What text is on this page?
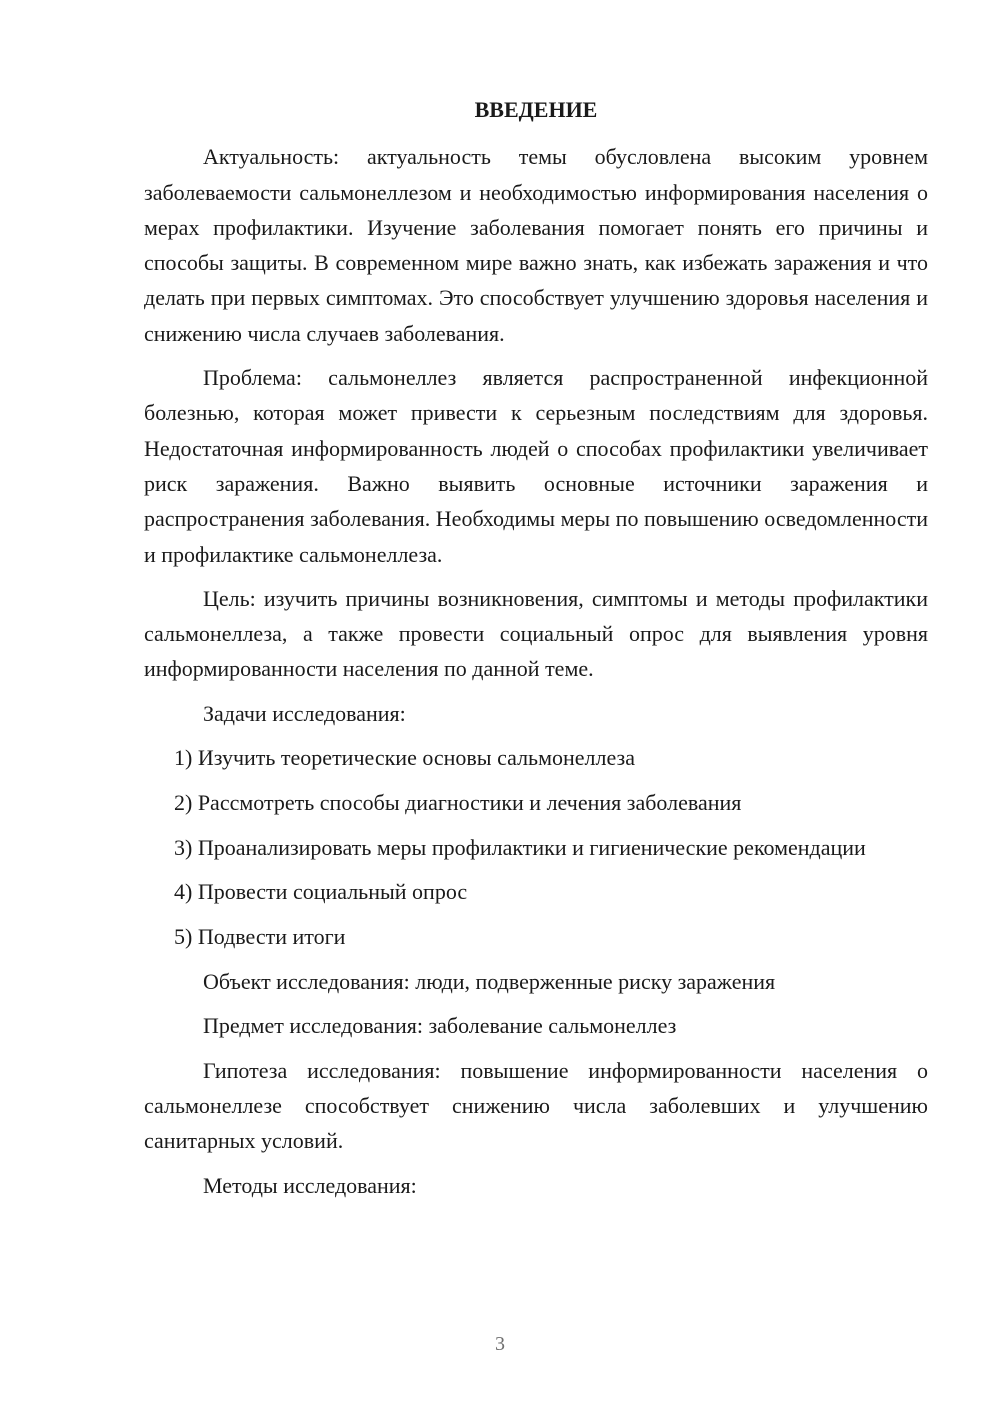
ВВЕДЕНИЕ

Актуальность: актуальность темы обусловлена высоким уровнем заболеваемости сальмонеллезом и необходимостью информирования населения о мерах профилактики. Изучение заболевания помогает понять его причины и способы защиты. В современном мире важно знать, как избежать заражения и что делать при первых симптомах. Это способствует улучшению здоровья населения и снижению числа случаев заболевания.

Проблема: сальмонеллез является распространенной инфекционной болезнью, которая может привести к серьезным последствиям для здоровья. Недостаточная информированность людей о способах профилактики увеличивает риск заражения. Важно выявить основные источники заражения и распространения заболевания. Необходимы меры по повышению осведомленности и профилактике сальмонеллеза.

Цель: изучить причины возникновения, симптомы и методы профилактики сальмонеллеза, а также провести социальный опрос для выявления уровня информированности населения по данной теме.

Задачи исследования:

1) Изучить теоретические основы сальмонеллеза

2) Рассмотреть способы диагностики и лечения заболевания

3) Проанализировать меры профилактики и гигиенические рекомендации

4) Провести социальный опрос

5) Подвести итоги

Объект исследования: люди, подверженные риску заражения

Предмет исследования: заболевание сальмонеллез

Гипотеза исследования: повышение информированности населения о сальмонеллезе способствует снижению числа заболевших и улучшению санитарных условий.

Методы исследования:

3
